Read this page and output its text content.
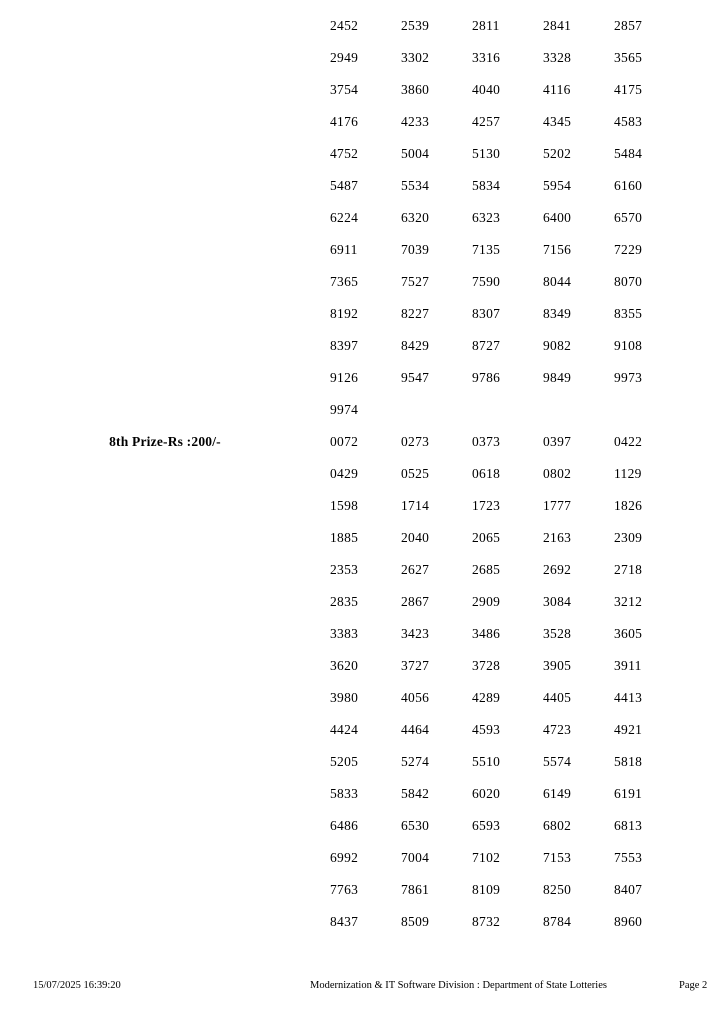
2452	2539	2811	2841	2857
2949	3302	3316	3328	3565
3754	3860	4040	4116	4175
4176	4233	4257	4345	4583
4752	5004	5130	5202	5484
5487	5534	5834	5954	6160
6224	6320	6323	6400	6570
6911	7039	7135	7156	7229
7365	7527	7590	8044	8070
8192	8227	8307	8349	8355
8397	8429	8727	9082	9108
9126	9547	9786	9849	9973
9974
8th Prize-Rs :200/-	0072	0273	0373	0397	0422
0429	0525	0618	0802	1129
1598	1714	1723	1777	1826
1885	2040	2065	2163	2309
2353	2627	2685	2692	2718
2835	2867	2909	3084	3212
3383	3423	3486	3528	3605
3620	3727	3728	3905	3911
3980	4056	4289	4405	4413
4424	4464	4593	4723	4921
5205	5274	5510	5574	5818
5833	5842	6020	6149	6191
6486	6530	6593	6802	6813
6992	7004	7102	7153	7553
7763	7861	8109	8250	8407
8437	8509	8732	8784	8960
15/07/2025 16:39:20	Modernization & IT Software Division : Department of State Lotteries	Page 2
